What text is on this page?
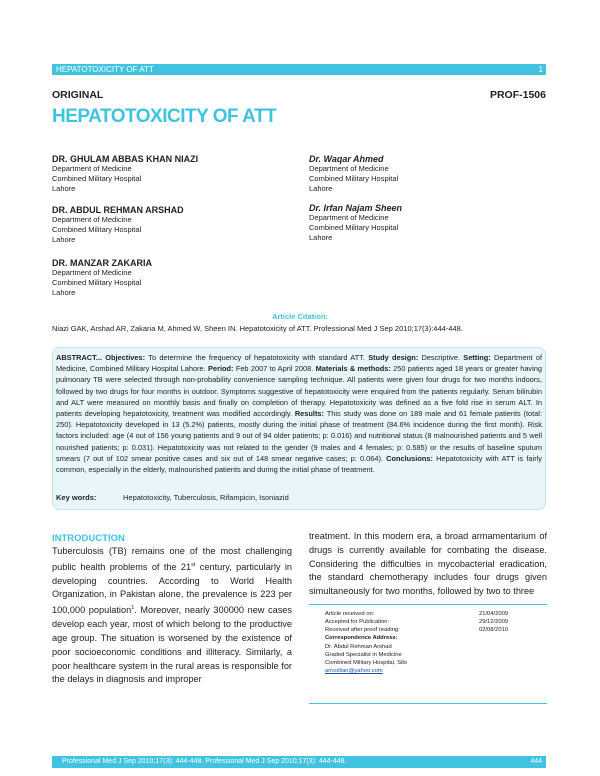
HEPATOTOXICITY OF ATT	1
ORIGINAL	PROF-1506
HEPATOTOXICITY OF ATT
DR. GHULAM ABBAS KHAN NIAZI
Department of Medicine
Combined Military Hospital
Lahore
DR. ABDUL REHMAN ARSHAD
Department of Medicine
Combined Military Hospital
Lahore
DR. MANZAR ZAKARIA
Department of Medicine
Combined Military Hospital
Lahore
Dr. Waqar Ahmed
Department of Medicine
Combined Military Hospital
Lahore
Dr. Irfan Najam Sheen
Department of Medicine
Combined Military Hospital
Lahore
Article Citation:
Niazi GAK, Arshad AR, Zakaria M, Ahmed W, Sheen IN. Hepatotoxicity of ATT. Professional Med J Sep 2010;17(3):444-448.
ABSTRACT... Objectives: To determine the frequency of hepatotoxicity with standard ATT. Study design: Descriptive. Setting: Department of Medicine, Combined Military Hospital Lahore. Period: Feb 2007 to April 2008. Materials & methods: 250 patients aged 18 years or greater having pulmonary TB were selected through non-probability convenience sampling technique. All patients were given four drugs for two months indoors, followed by two drugs for four months in outdoor. Symptoms suggestive of hepatotoxicity were enquired from the patients regularly. Serum bilirubin and ALT were measured on monthly basis and finally on completion of therapy. Hepatotoxicity was defined as a five fold rise in serum ALT. In patients developing hepatotoxicity, treatment was modified accordingly. Results: This study was done on 189 male and 61 female patients (total: 250). Hepatotoxicity developed in 13 (5.2%) patients, mostly during the initial phase of treatment (84.6% incidence during the first month). Risk factors included: age (4 out of 156 young patients and 9 out of 94 older patients; p: 0.016) and nutritional status (8 malnourished patients and 5 well nourished patients; p: 0.031). Hepatotoxicity was not related to the gender (9 males and 4 females; p: 0.585) or the results of baseline sputum smears (7 out of 102 smear positive cases and six out of 148 smear negative cases; p: 0.064). Conclusions: Hepatotoxicity with ATT is fairly common, especially in the elderly, malnourished patients and during the initial phase of treatment.
Key words:	Hepatotoxicity, Tuberculosis, Rifampicin, Isoniazid
INTRODUCTION
Tuberculosis (TB) remains one of the most challenging public health problems of the 21st century, particularly in developing countries. According to World Health Organization, in Pakistan alone, the prevalence is 223 per 100,000 population$^1$. Moreover, nearly 300000 new cases develop each year, most of which belong to the productive age group. The situation is worsened by the existence of poor socioeconomic conditions and illiteracy. Similarly, a poor healthcare system in the rural areas is responsible for the delays in diagnosis and improper
treatment. In this modern era, a broad armamentarium of drugs is currently available for combating the disease. Considering the difficulties in mycobacterial eradication, the standard chemotherapy includes four drugs given simultaneously for two months, followed by two to three
Article received on:	21/04/2009
Accepted for Publication:	29/12/2009
Received after proof reading:	02/08/2010
Correspondence Address:
Dr. Abdul Rehman Arshad
Graded Specialist in Medicine
Combined Military Hospital, Sibi
arrcollian@yahoo.com
Professional Med J Sep 2010;17(3): 444-448. Professional Med J Sep 2010;17(3): 444-448.	444
